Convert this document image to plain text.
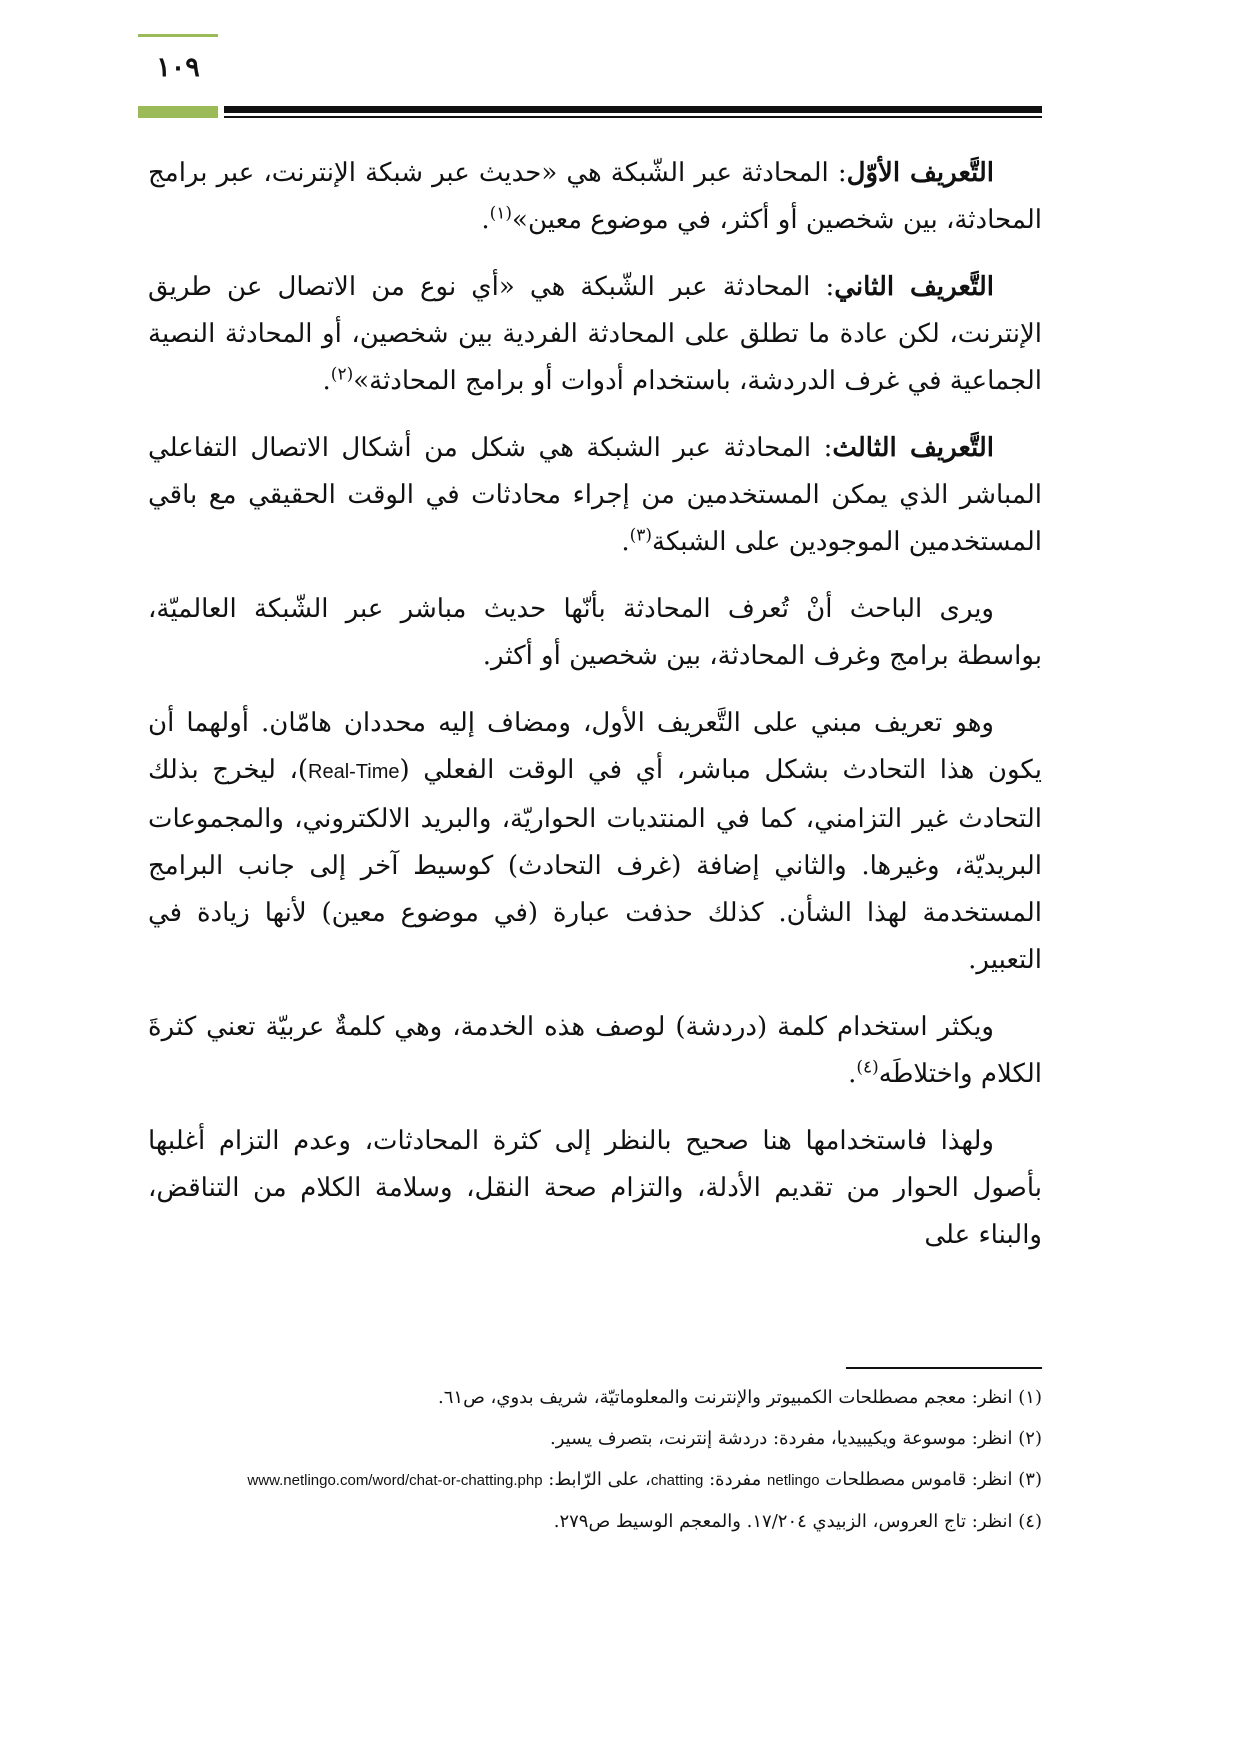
١٠٩

التَّعريف الأوّل: المحادثة عبر الشّبكة هي «حديث عبر شبكة الإنترنت، عبر برامج المحادثة، بين شخصين أو أكثر، في موضوع معين»$^{(١)}$.

التَّعريف الثاني: المحادثة عبر الشّبكة هي «أي نوع من الاتصال عن طريق الإنترنت، لكن عادة ما تطلق على المحادثة الفردية بين شخصين، أو المحادثة النصية الجماعية في غرف الدردشة، باستخدام أدوات أو برامج المحادثة»$^{(٢)}$.

التَّعريف الثالث: المحادثة عبر الشبكة هي شكل من أشكال الاتصال التفاعلي المباشر الذي يمكن المستخدمين من إجراء محادثات في الوقت الحقيقي مع باقي المستخدمين الموجودين على الشبكة$^{(٣)}$.

ويرى الباحث أنْ تُعرف المحادثة بأنّها حديث مباشر عبر الشّبكة العالميّة، بواسطة برامج وغرف المحادثة، بين شخصين أو أكثر.

وهو تعريف مبني على التَّعريف الأول، ومضاف إليه محددان هامّان. أولهما أن يكون هذا التحادث بشكل مباشر، أي في الوقت الفعلي (Real-Time)، ليخرج بذلك التحادث غير التزامني، كما في المنتديات الحواريّة، والبريد الالكتروني، والمجموعات البريديّة، وغيرها. والثاني إضافة (غرف التحادث) كوسيط آخر إلى جانب البرامج المستخدمة لهذا الشأن. كذلك حذفت عبارة (في موضوع معين) لأنها زيادة في التعبير.

ويكثر استخدام كلمة (دردشة) لوصف هذه الخدمة، وهي كلمةٌ عربيّة تعني كثرةَ الكلام واختلاطَه$^{(٤)}$.

ولهذا فاستخدامها هنا صحيح بالنظر إلى كثرة المحادثات، وعدم التزام أغلبها بأصول الحوار من تقديم الأدلة، والتزام صحة النقل، وسلامة الكلام من التناقض، والبناء على

(١) انظر: معجم مصطلحات الكمبيوتر والإنترنت والمعلوماتيّة، شريف بدوي، ص٦١.
(٢) انظر: موسوعة ويكيبيديا، مفردة: دردشة إنترنت، بتصرف يسير.
(٣) انظر: قاموس مصطلحات netlingo مفردة: chatting، على الرّابط: www.netlingo.com/word/chat-or-chatting.php
(٤) انظر: تاج العروس، الزبيدي ١٧/٢٠٤. والمعجم الوسيط ص٢٧٩.
